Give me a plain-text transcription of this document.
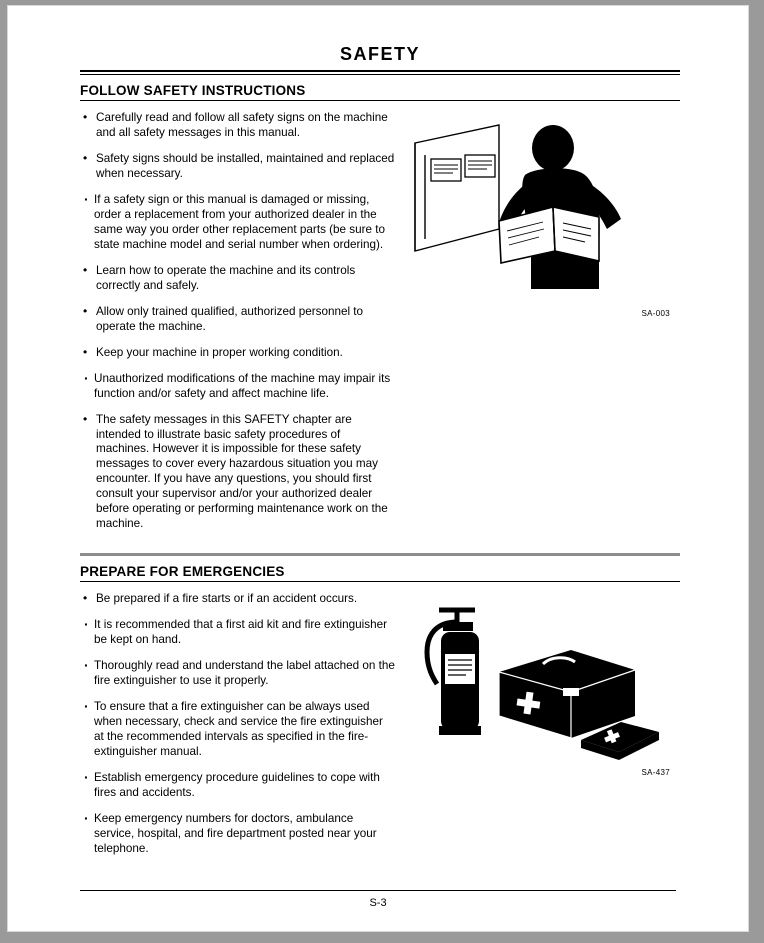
SAFETY
FOLLOW SAFETY INSTRUCTIONS
• Carefully read and follow all safety signs on the machine and all safety messages in this manual.
• Safety signs should be installed, maintained and replaced when necessary.
· If a safety sign or this manual is damaged or missing, order a replacement from your authorized dealer in the same way you order other replacement parts (be sure to state machine model and serial number when ordering).
• Learn how to operate the machine and its controls correctly and safely.
• Allow only trained qualified, authorized personnel to operate the machine.
• Keep your machine in proper working condition.
· Unauthorized modifications of the machine may impair its function and/or safety and affect machine life.
• The safety messages in this SAFETY chapter are intended to illustrate basic safety procedures of machines. However it is impossible for these safety messages to cover every hazardous situation you may encounter. If you have any questions, you should first consult your supervisor and/or your authorized dealer before operating or performing maintenance work on the machine.
SA-003
PREPARE FOR EMERGENCIES
• Be prepared if a fire starts or if an accident occurs.
· It is recommended that a first aid kit and fire extinguisher be kept on hand.
· Thoroughly read and understand the label attached on the fire extinguisher to use it properly.
· To ensure that a fire extinguisher can be always used when necessary, check and service the fire extinguisher at the recommended intervals as specified in the fire-extinguisher manual.
· Establish emergency procedure guidelines to cope with fires and accidents.
· Keep emergency numbers for doctors, ambulance service, hospital, and fire department posted near your telephone.
SA-437
S-3
